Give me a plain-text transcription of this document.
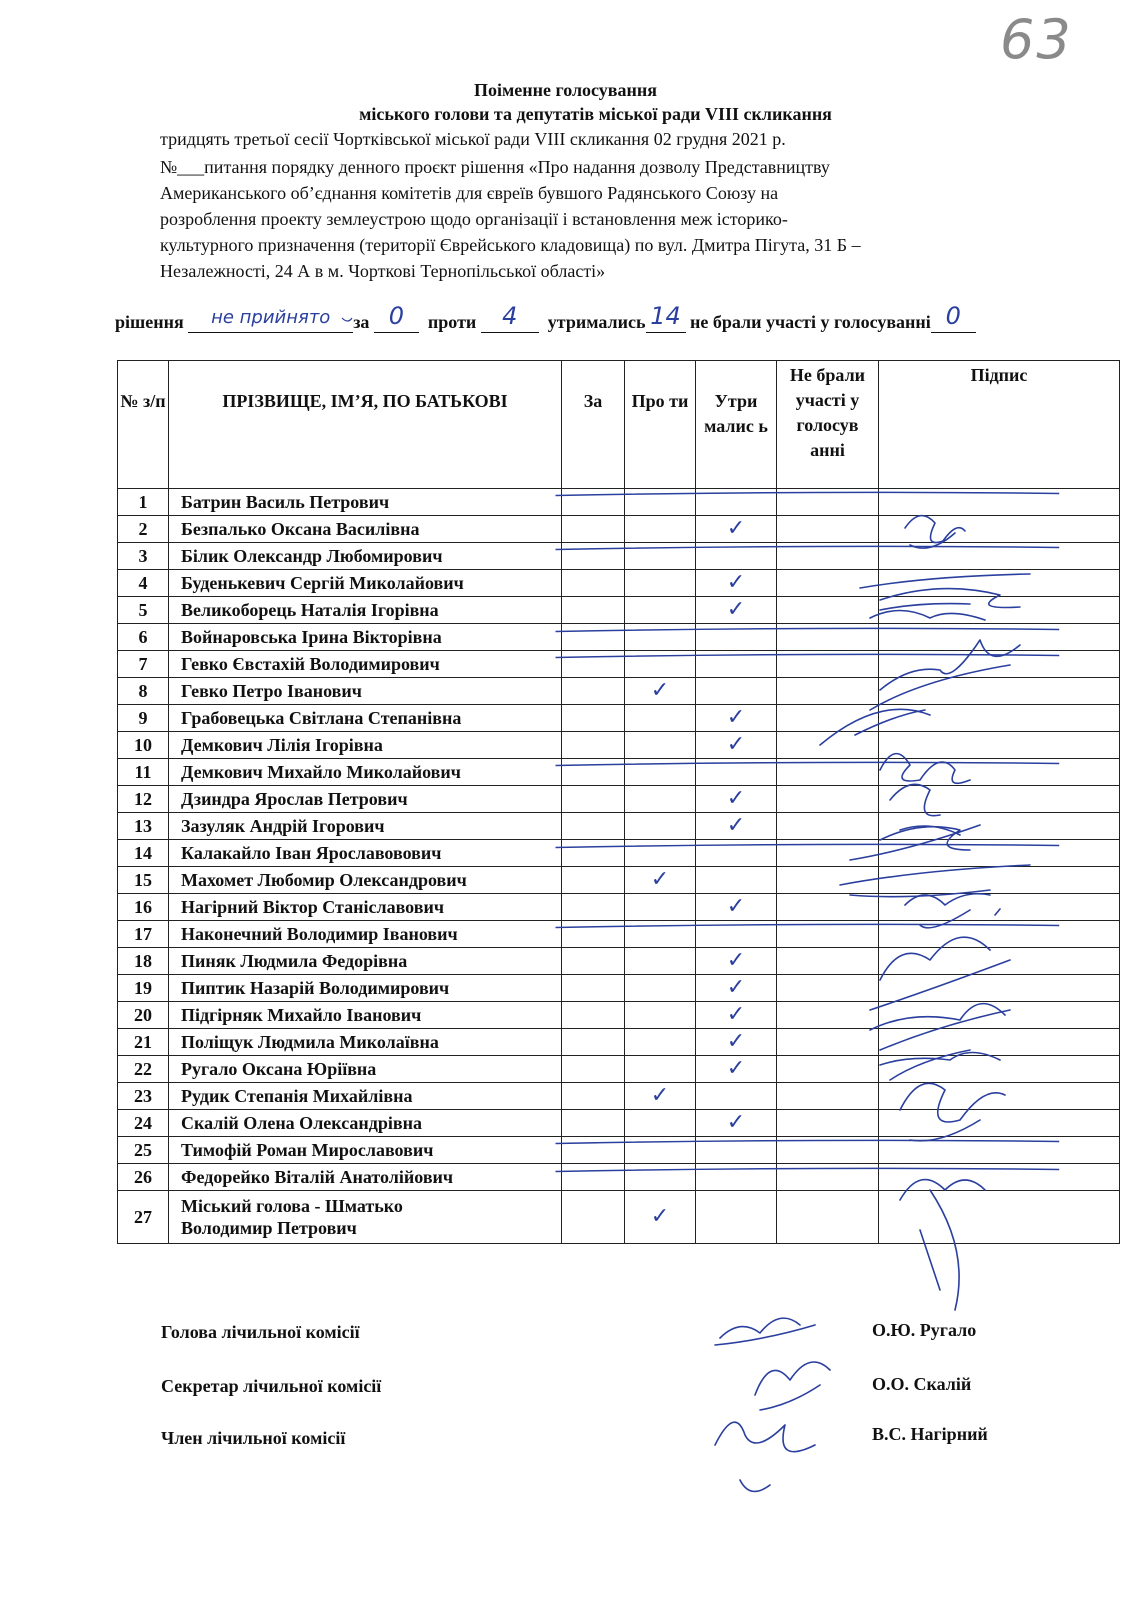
63
Поіменне голосування
міського голови та депутатів міської ради VIII скликання
тридцять третьої сесії Чортківської міської ради VIII скликання 02 грудня 2021 р.
№___питання порядку денного проєкт рішення «Про надання дозволу Представництву
Американського об’єднання комітетів для євреїв бувшого Радянського Союзу на
розроблення проекту землеустрою щодо організації і встановлення меж історико-
культурного призначення (території Єврейського кладовища) по вул. Дмитра Пігута, 31 Б –
Незалежності, 24 А в м. Чорткові Тернопільської області»
рішення	не прийнято	за 0	проти	4	утримались 14 не брали участі у голосуванні 0
№ з/п	ПРІЗВИЩЕ, ІМ’Я, ПО БАТЬКОВІ	За	Про ти	Утри малис ь	Не брали участі у голосув анні	Підпис
1	Батрин Василь Петрович					
2	Безпалько Оксана Василівна			✓		
3	Білик Олександр Любомирович					
4	Буденькевич Сергій Миколайович			✓		
5	Великоборець Наталія Ігорівна			✓		
6	Войнаровська Ірина Вікторівна					
7	Гевко Євстахій Володимирович					
8	Гевко Петро Іванович		✓			
9	Грабовецька Світлана Степанівна			✓		
10	Демкович Лілія Ігорівна			✓		
11	Демкович Михайло Миколайович					
12	Дзиндра Ярослав Петрович			✓		
13	Зазуляк Андрій Ігорович			✓		
14	Калакайло Іван Ярославовович					
15	Махомет Любомир Олександрович		✓			
16	Нагірний Віктор Станіславович			✓		
17	Наконечний Володимир Іванович					
18	Пиняк Людмила Федорівна			✓		
19	Пиптик Назарій Володимирович			✓		
20	Підгірняк Михайло Іванович			✓		
21	Поліщук Людмила Миколаївна			✓		
22	Ругало Оксана Юріївна			✓		
23	Рудик Степанія Михайлівна		✓			
24	Скалій Олена Олександрівна			✓		
25	Тимофій Роман Мирославович					
26	Федорейко Віталій Анатолійович					
27	Міський голова - Шматько
Володимир Петрович		✓			
Голова лічильної комісії	О.Ю. Ругало
Секретар лічильної комісії	О.О. Скалій
Член лічильної комісії	В.С. Нагірний
